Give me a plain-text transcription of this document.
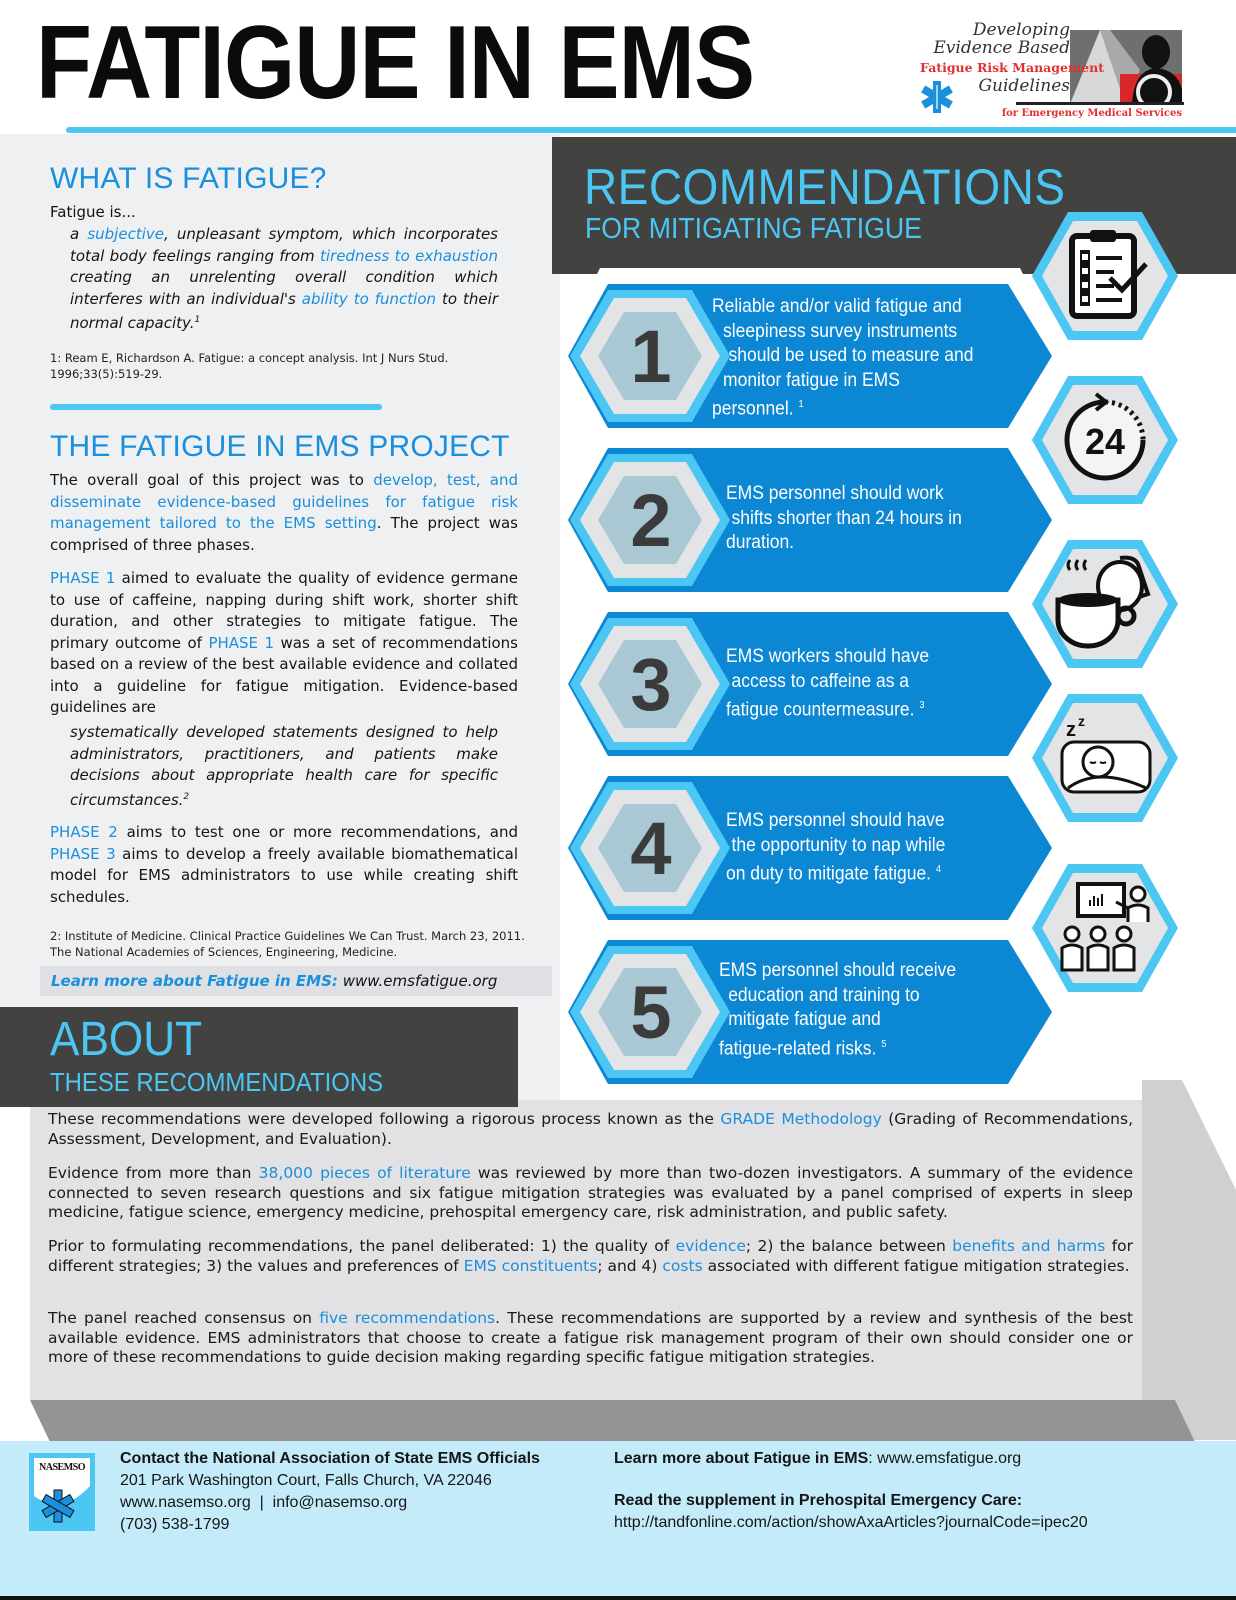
FATIGUE IN EMS	Developing
Evidence Based
Fatigue Risk Management
Guidelines
for Emergency Medical Services
WHAT IS FATIGUE?
Fatigue is...

a subjective, unpleasant symptom, which incorporates total body feelings ranging from tiredness to exhaustion creating an unrelenting overall condition which interferes with an individual's ability to function to their normal capacity.$^1$

1: Ream E, Richardson A. Fatigue: a concept analysis. Int J Nurs Stud. 1996;33(5):519-29.

THE FATIGUE IN EMS PROJECT

The overall goal of this project was to develop, test, and disseminate evidence-based guidelines for fatigue risk management tailored to the EMS setting. The project was comprised of three phases.

PHASE 1 aimed to evaluate the quality of evidence germane to use of caffeine, napping during shift work, shorter shift duration, and other strategies to mitigate fatigue. The primary outcome of PHASE 1 was a set of recommendations based on a review of the best available evidence and collated into a guideline for fatigue mitigation. Evidence-based guidelines are

systematically developed statements designed to help administrators, practitioners, and patients make decisions about appropriate health care for specific circumstances.$^2$

PHASE 2 aims to test one or more recommendations, and PHASE 3 aims to develop a freely available biomathematical model for EMS administrators to use while creating shift schedules.

2: Institute of Medicine. Clinical Practice Guidelines We Can Trust. March 23, 2011. The National Academies of Sciences, Engineering, Medicine.

Learn more about Fatigue in EMS: www.emsfatigue.org
RECOMMENDATIONS
FOR MITIGATING FATIGUE
1
Reliable and/or valid fatigue and
sleepiness survey instruments
should be used to measure and
monitor fatigue in EMS
personnel. $^1$
2	EMS personnel should work
shifts shorter than 24 hours in
duration.
3	EMS workers should have
access to caffeine as a
fatigue countermeasure. $^3$
4	EMS personnel should have
the opportunity to nap while
on duty to mitigate fatigue. $^4$
5	EMS personnel should receive
education and training to
mitigate fatigue and
fatigue-related risks. $^5$
24
z z
ABOUT
THESE RECOMMENDATIONS

These recommendations were developed following a rigorous process known as the GRADE Methodology (Grading of Recommendations, Assessment, Development, and Evaluation).

Evidence from more than 38,000 pieces of literature was reviewed by more than two-dozen investigators. A summary of the evidence connected to seven research questions and six fatigue mitigation strategies was evaluated by a panel comprised of experts in sleep medicine, fatigue science, emergency medicine, prehospital emergency care, risk administration, and public safety.

Prior to formulating recommendations, the panel deliberated: 1) the quality of evidence; 2) the balance between benefits and harms for different strategies; 3) the values and preferences of EMS constituents; and 4) costs associated with different fatigue mitigation strategies.

The panel reached consensus on five recommendations. These recommendations are supported by a review and synthesis of the best available evidence. EMS administrators that choose to create a fatigue risk management program of their own should consider one or more of these recommendations to guide decision making regarding specific fatigue mitigation strategies.

NASEMSO
Contact the National Association of State EMS Officials
201 Park Washington Court, Falls Church, VA 22046
www.nasemso.org  |  info@nasemso.org
(703) 538-1799
Learn more about Fatigue in EMS: www.emsfatigue.org
Read the supplement in Prehospital Emergency Care:
http://tandfonline.com/action/showAxaArticles?journalCode=ipec20
